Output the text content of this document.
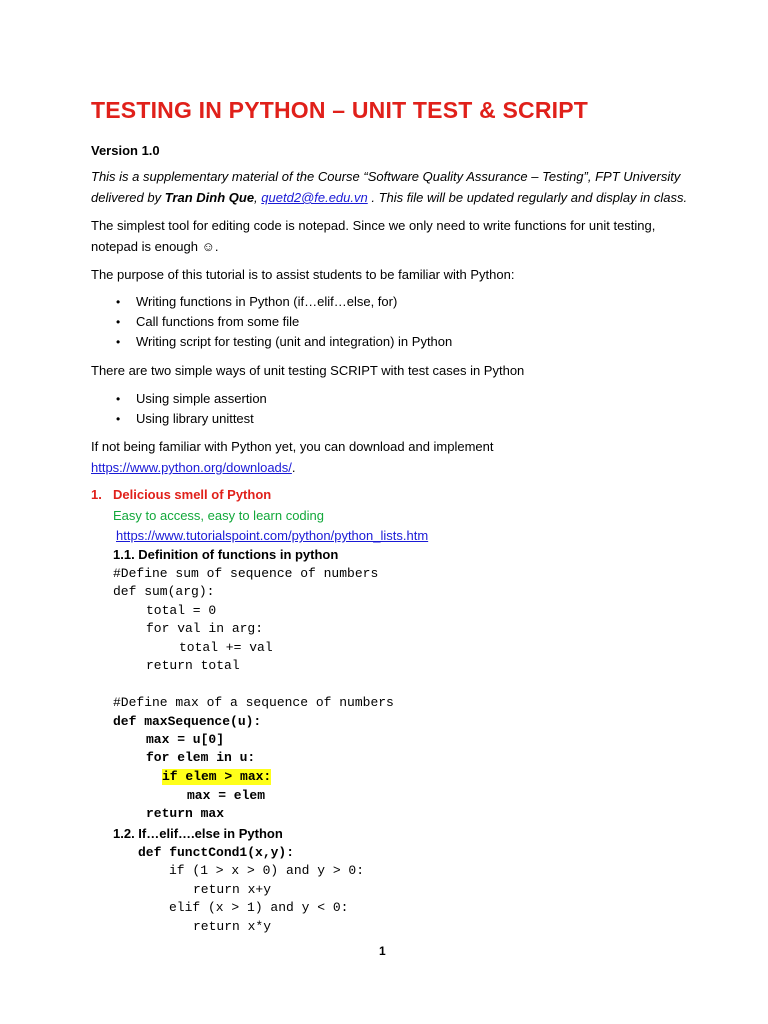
TESTING IN PYTHON – UNIT TEST & SCRIPT
Version 1.0
This is a supplementary material of the Course “Software Quality Assurance – Testing”, FPT University
delivered by Tran Dinh Que, quetd2@fe.edu.vn . This file will be updated regularly and display in class.
The simplest tool for editing code is notepad. Since we only need to write functions for unit testing,
notepad is enough ☺.
The purpose of this tutorial is to assist students to be familiar with Python:
• Writing functions in Python (if…elif…else, for)
• Call functions from some file
• Writing script for testing (unit and integration) in Python
There are two simple ways of unit testing SCRIPT with test cases in Python
• Using simple assertion
• Using library unittest
If not being familiar with Python yet, you can download and implement
https://www.python.org/downloads/.
1. Delicious smell of Python
Easy to access, easy to learn coding
https://www.tutorialspoint.com/python/python_lists.htm
1.1. Definition of functions in python
#Define sum of sequence of numbers
def sum(arg):
total = 0
for val in arg:
total += val
return total
#Define max of a sequence of numbers
def maxSequence(u):
max = u[0]
for elem in u:
if elem > max:
max = elem
return max
1.2. If…elif….else in Python
def functCond1(x,y):
if (1 > x > 0) and y > 0:
return x+y
elif (x > 1) and y < 0:
return x*y
1
